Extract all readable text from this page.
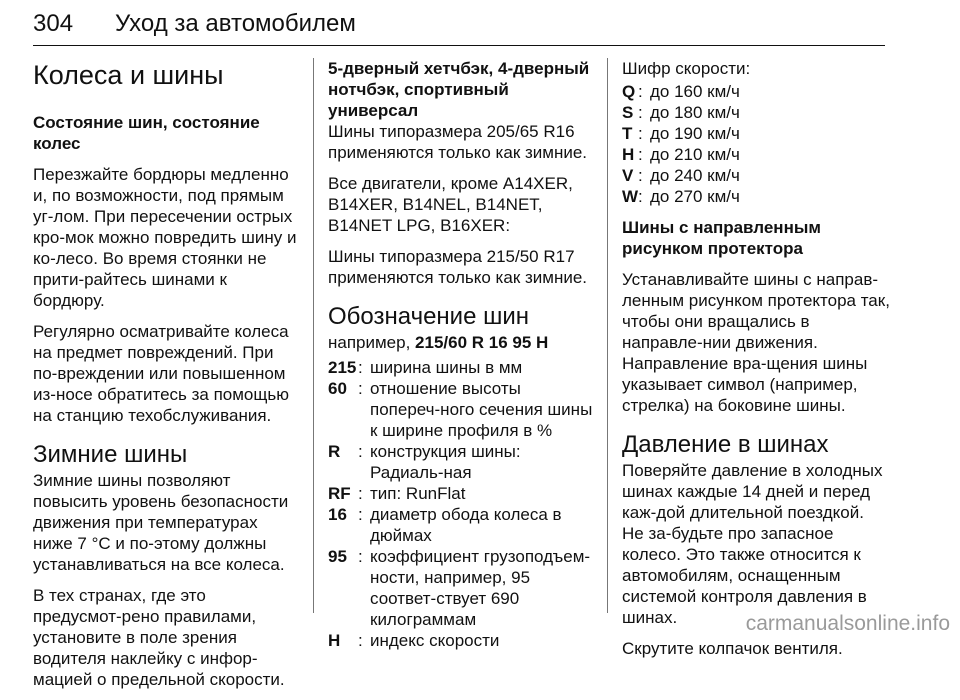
304 Уход за автомобилем
Колеса и шины
Состояние шин, состояние колес
Перезжайте бордюры медленно и, по возможности, под прямым уг-лом. При пересечении острых кро-мок можно повредить шину и ко-лесо. Во время стоянки не прити-райтесь шинами к бордюру.
Регулярно осматривайте колеса на предмет повреждений. При по-вреждении или повышенном из-носе обратитесь за помощью на станцию техобслуживания.
Зимние шины
Зимние шины позволяют повысить уровень безопасности движения при температурах ниже 7 °C и по-этому должны устанавливаться на все колеса.
В тех странах, где это предусмот-рено правилами, установите в поле зрения водителя наклейку с инфор-мацией о предельной скорости.
5-дверный хетчбэк, 4-дверный нотчбэк, спортивный универсал
Шины типоразмера 205/65 R16 применяются только как зимние.
Все двигатели, кроме A14XER, B14XER, B14NEL, B14NET, B14NET LPG, B16XER:
Шины типоразмера 215/50 R17 применяются только как зимние.
Обозначение шин
например, 215/60 R 16 95 H
215 : ширина шины в мм
60 : отношение высоты попереч-ного сечения шины к ширине профиля в %
R	: конструкция шины: Радиаль-ная
RF : тип: RunFlat
16 : диаметр обода колеса в дюймах
95 : коэффициент грузоподъем-ности, например, 95 соответ-ствует 690 килограммам
H	: индекс скорости
Шифр скорости:
Q : до 160 км/ч
S : до 180 км/ч
T : до 190 км/ч
H : до 210 км/ч
V : до 240 км/ч
W : до 270 км/ч
Шины с направленным рисунком протектора
Устанавливайте шины с направ-ленным рисунком протектора так, чтобы они вращались в направле-нии движения. Направление вра-щения шины указывает символ (например, стрелка) на боковине шины.
Давление в шинах
Поверяйте давление в холодных шинах каждые 14 дней и перед каж-дой длительной поездкой. Не за-будьте про запасное колесо. Это также относится к автомобилям, оснащенным системой контроля давления в шинах.
Скрутите колпачок вентиля.
carmanualsonline.info
